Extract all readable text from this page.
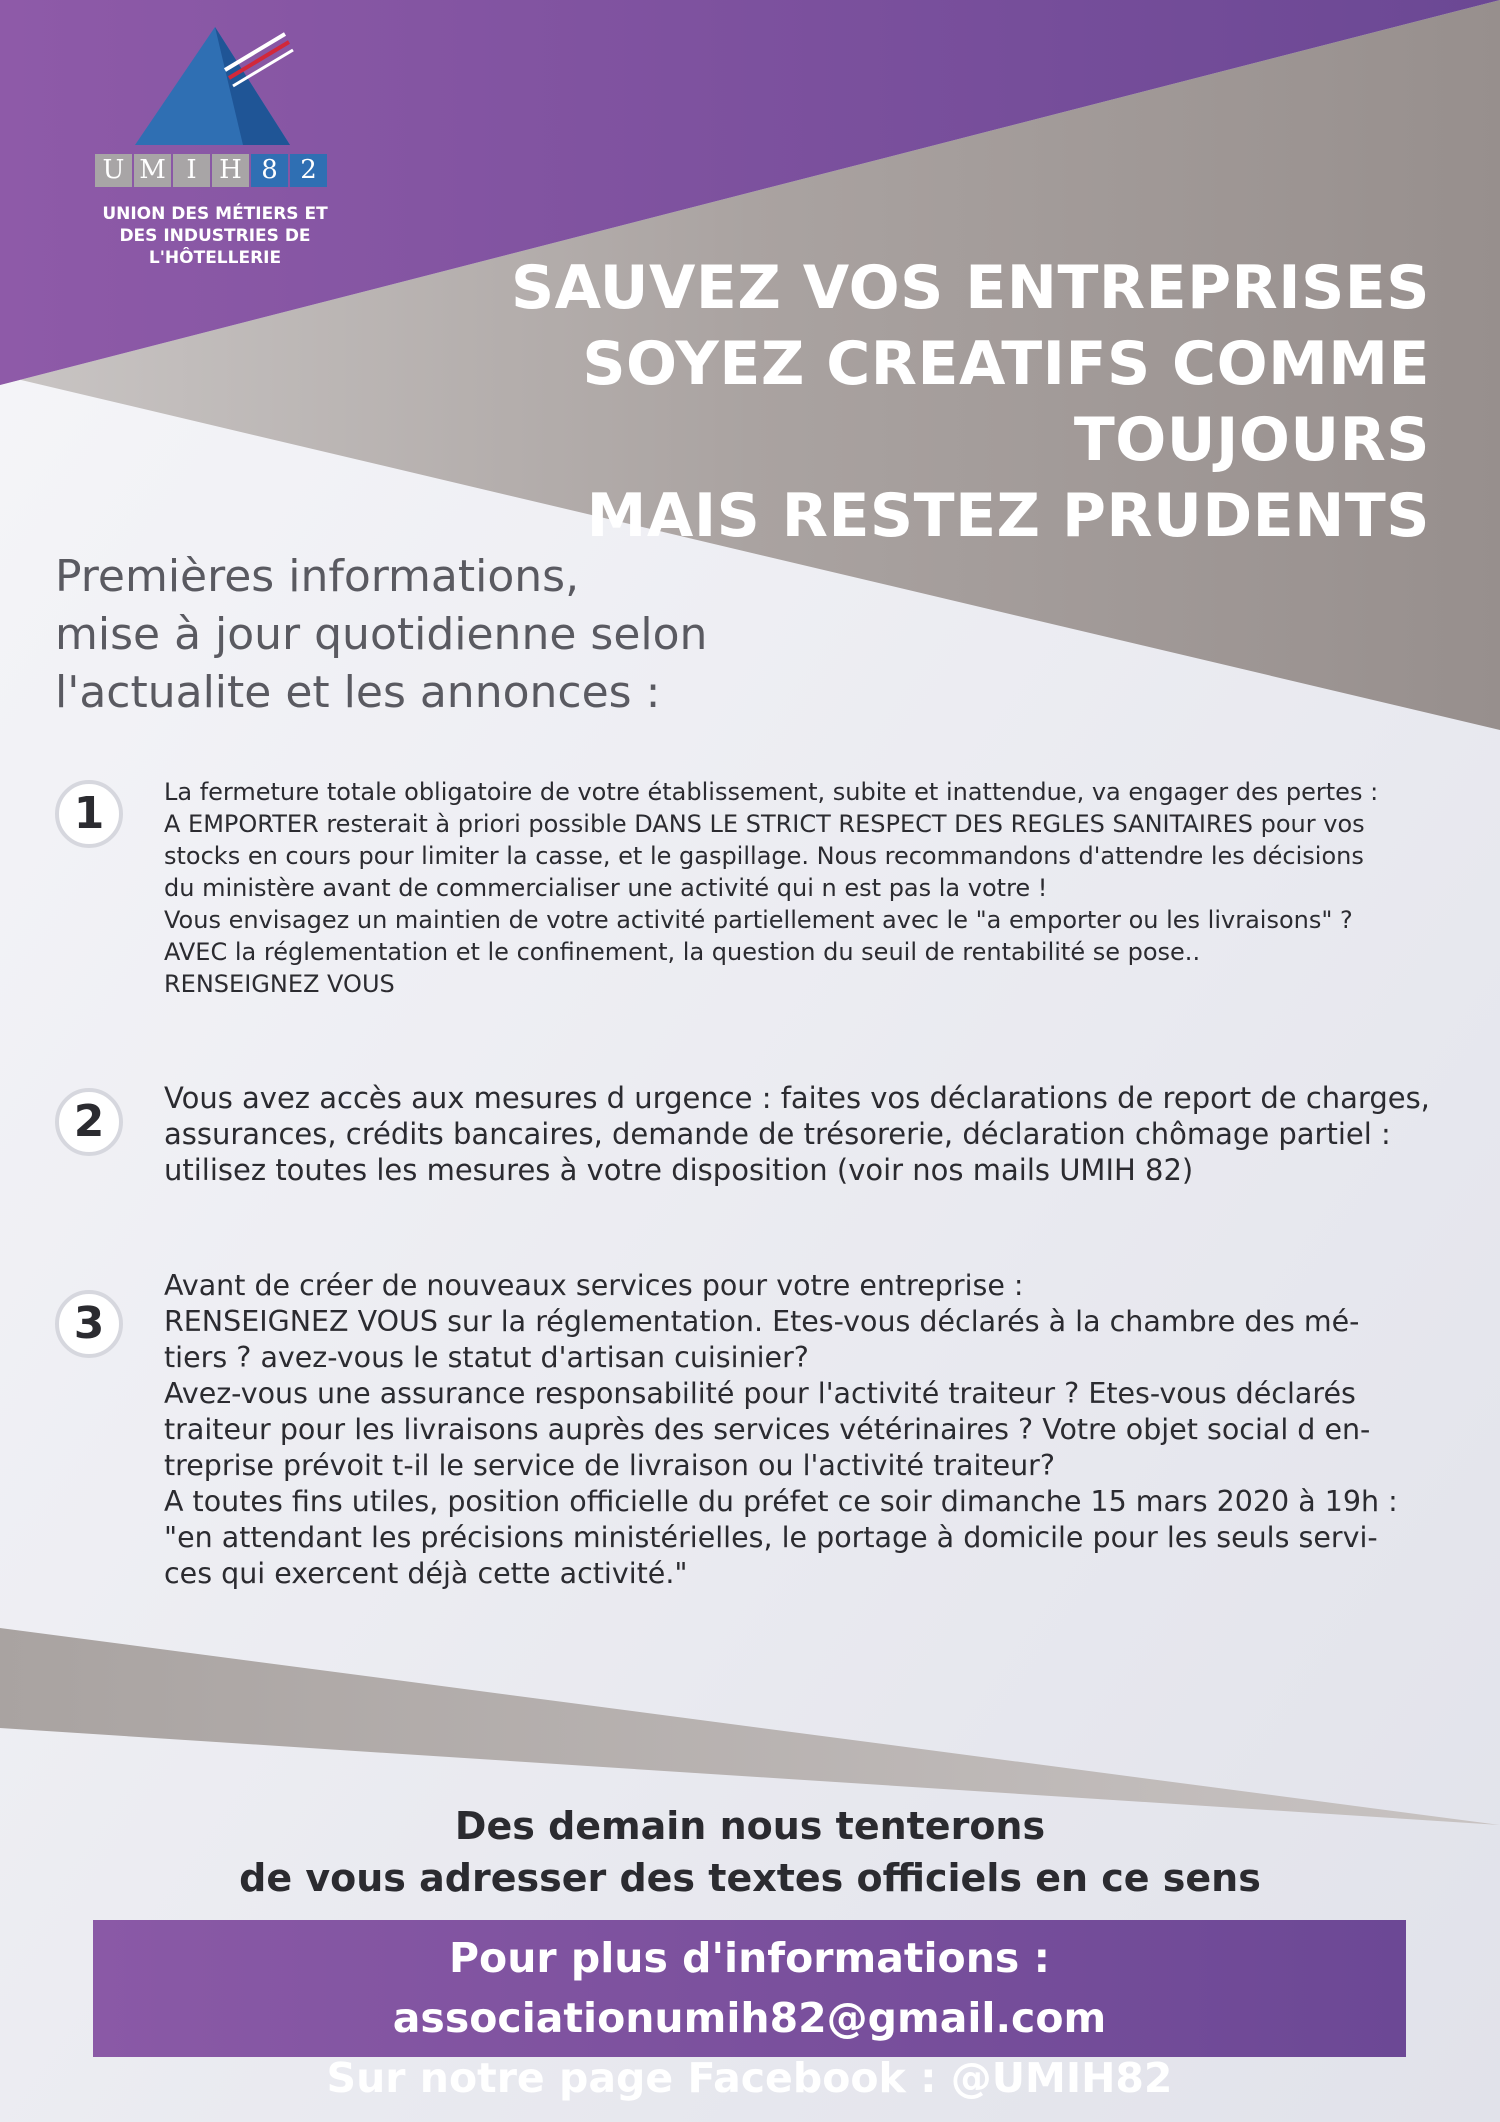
U M I H 8 2
UNION DES MÉTIERS ET
DES INDUSTRIES DE L'HÔTELLERIE	SAUVEZ VOS ENTREPRISES
SOYEZ CREATIFS COMME TOUJOURS
MAIS RESTEZ PRUDENTS
Premières informations,
mise à jour quotidienne selon
l'actualite et les annonces :
1	La fermeture totale obligatoire de votre établissement, subite et inattendue, va engager des pertes :
A EMPORTER resterait à priori possible DANS LE STRICT RESPECT DES REGLES SANITAIRES pour vos
stocks en cours pour limiter la casse, et le gaspillage. Nous recommandons d'attendre les décisions
du ministère avant de commercialiser une activité qui n est pas la votre !
Vous envisagez un maintien de votre activité partiellement avec le "a emporter ou les livraisons" ?
AVEC la réglementation et le confinement, la question du seuil de rentabilité se pose..
RENSEIGNEZ VOUS
2	Vous avez accès aux mesures d urgence : faites vos déclarations de report de charges,
assurances, crédits bancaires, demande de trésorerie, déclaration chômage partiel :
utilisez toutes les mesures à votre disposition (voir nos mails UMIH 82)
3
Avant de créer de nouveaux services pour votre entreprise :
RENSEIGNEZ VOUS sur la réglementation. Etes-vous déclarés à la chambre des mé-
tiers ? avez-vous le statut d'artisan cuisinier?
Avez-vous une assurance responsabilité pour l'activité traiteur ? Etes-vous déclarés
traiteur pour les livraisons auprès des services vétérinaires ? Votre objet social d en-
treprise prévoit t-il le service de livraison ou l'activité traiteur?
A toutes fins utiles, position officielle du préfet ce soir dimanche 15 mars 2020 à 19h :
"en attendant les précisions ministérielles, le portage à domicile pour les seuls servi-
ces qui exercent déjà cette activité."
Des demain nous tenterons
de vous adresser des textes officiels en ce sens
Pour plus d'informations : associationumih82@gmail.com
Sur notre page Facebook : @UMIH82
